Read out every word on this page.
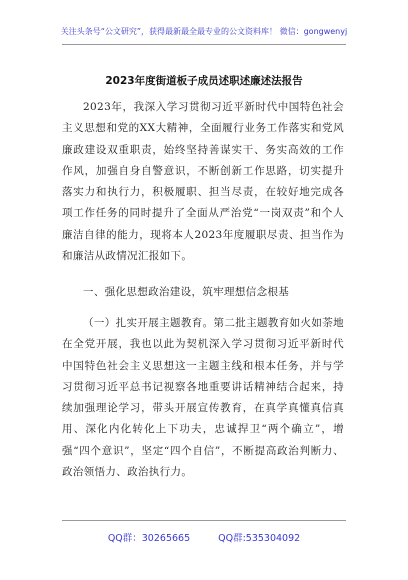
关注头条号“公文研究”，获得最新最全最专业的公文资料库！ 微信：gongwenyj
2023年度街道板子成员述职述廉述法报告
2023年，我深入学习贯彻习近平新时代中国特色社会主义思想和党的XX大精神，全面履行业务工作落实和党风廉政建设双重职责，始终坚持善谋实干、务实高效的工作作风，加强自身自警意识，不断创新工作思路，切实提升落实力和执行力，积极履职、担当尽责，在较好地完成各项工作任务的同时提升了全面从严治党“一岗双责”和个人廉洁自律的能力，现将本人2023年度履职尽责、担当作为和廉洁从政情况汇报如下。
一、强化思想政治建设，筑牢理想信念根基
（一）扎实开展主题教育。第二批主题教育如火如荼地在全党开展，我也以此为契机深入学习贯彻习近平新时代中国特色社会主义思想这一主题主线和根本任务，并与学习贯彻习近平总书记视察各地重要讲话精神结合起来，持续加强理论学习，带头开展宣传教育，在真学真懂真信真用、深化内化转化上下功夫，忠诚捍卫“两个确立”，增强“四个意识”，坚定“四个自信”，不断提高政治判断力、政治领悟力、政治执行力。
QQ群：30265665	QQ群:535304092
